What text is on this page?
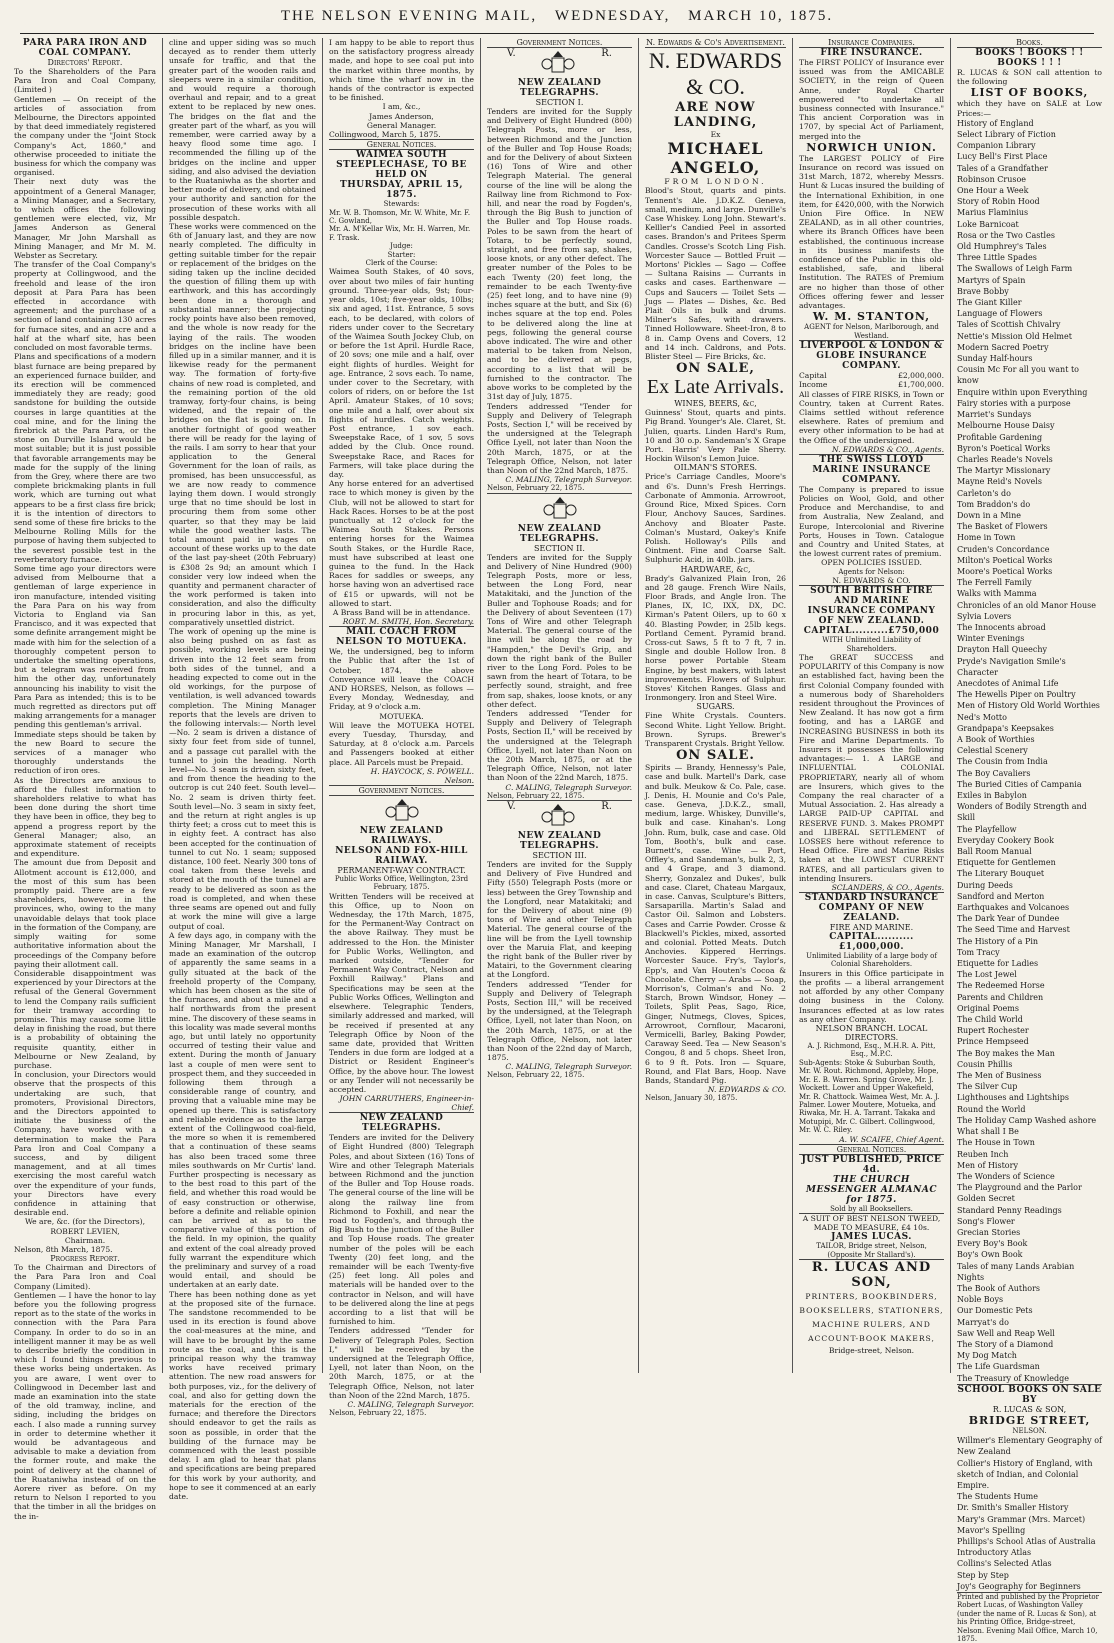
THE NELSON EVENING MAIL, WEDNESDAY, MARCH 10, 1875.
PARA PARA IRON AND COAL COMPANY.
Directors' Report.

To the Shareholders of the Para Para Iron and Coal Company, (Limited )

Gentlemen — On receipt of the articles of association from Melbourne, the Directors appointed by that deed immediately registered the company under the "Joint Stock Company's Act, 1860," and otherwise proceeded to initiate the business for which the company was organised.

Their next duty was the appointment of a General Manager, a Mining Manager, and a Secretary, to which offices the following gentlemen were elected, viz, Mr James Anderson as General Manager, Mr John Marshall as Mining Manager, and Mr M. M. Webster as Secretary.

The transfer of the Coal Company's property at Collingwood, and the freehold and lease of the iron deposit at Para Para has been effected in accordance with agreement; and the purchase of a section of land containing 130 acres for furnace sites, and an acre and a half at the wharf site, has been concluded on most favorable terms.

Plans and specifications of a modern blast furnace are being prepared by an experienced furnace builder, and its erection will be commenced immediately they are ready; good sandstone for building the outside courses in large quantities at the coal mine, and for the lining the firebrick at the Para Para, or the stone on Durville Island would be most suitable; but it is just possible that favorable arrangements may be made for the supply of the lining from the Grey, where there are two complete brickmaking plants in full work, which are turning out what appears to be a first class fire brick; it is the intention of directors to send some of these fire bricks to the Melbourne Rolling Mills for the purpose of having them subjected to the severest possible test in the reverberatory furnace.

Some time ago your directors were advised from Melbourne that a gentleman of large experience in iron manufacture, intended visiting the Para Para on his way from Victoria to England via San Francisco, and it was expected that some definite arrangement might be made with him for the selection of a thoroughly competent person to undertake the smelting operations, but a telegram was received from him the other day, unfortunately announcing his inability to visit the Para Para as intended; this is to be much regretted as directors put off making arrangements for a manager pending this gentleman's arrival.

Immediate steps should be taken by the new Board to secure the services of a manager who thoroughly understands the reduction of iron ores.

As the Directors are anxious to afford the fullest information to shareholders relative to what has been done during the short time they have been in office, they beg to append a progress report by the General Manager; also, an approximate statement of receipts and expenditure.

The amount due from Deposit and Allotment account is £12,000, and the most of this sum has been promptly paid. There are a few shareholders, however, in the provinces, who, owing to the many unavoidable delays that took place in the formation of the Company, are simply waiting for some authoritative information about the proceedings of the Company before paying their allotment call.

Considerable disappointment was experienced by your Directors at the refusal of the General Government to lend the Company rails sufficient for their tramway according to promise. This may cause some little delay in finishing the road, but there is a probability of obtaining the requisite quantity, either in Melbourne or New Zealand, by purchase.

In conclusion, your Directors would observe that the prospects of this undertaking are such, that promoters, Provisional Directors, and the Directors appointed to initiate the business of the Company, have worked with a determination to make the Para Para Iron and Coal Company a success, and by diligent management, and at all times exercising the most careful watch over the expenditure of your funds, your Directors have every confidence in attaining that desirable end.

We are, &c. (for the Directors),

ROBERT LEVIEN,

Chairman.

Nelson, 8th March, 1875.

Progress Report.

To the Chairman and Directors of the Para Para Iron and Coal Company (Limited).

Gentlemen — I have the honor to lay before you the following progress report as to the state of the works in connection with the Para Para Company. In order to do so in an intelligent manner it may be as well to describe briefly the condition in which I found things previous to these works being undertaken. As you are aware, I went over to Collingwood in December last and made an examination into the state of the old tramway, incline, and siding, including the bridges on each. I also made a running survey in order to determine whether it would be advantageous and advisable to make a deviation from the former route, and make the point of delivery at the channel of the Ruataniwha instead of on the Aorere river as before. On my return to Nelson I reported to you that the timber in all the bridges on the in-

cline and upper siding was so much decayed as to render them utterly unsafe for traffic, and that the greater part of the wooden rails and sleepers were in a similar condition, and would require a thorough overhaul and repair, and to a great extent to be replaced by new ones. The bridges on the flat and the greater part of the wharf, as you will remember, were carried away by a heavy flood some time ago. I recommended the filling up of the bridges on the incline and upper siding, and also advised the deviation to the Ruataniwha as the shorter and better mode of delivery, and obtained your authority and sanction for the prosecution of these works with all possible despatch.

These works were commenced on the 6th of January last, and they are now nearly completed. The difficulty in getting suitable timber for the repair or replacement of the bridges on the siding taken up the incline decided the question of filling them up with earthwork, and this has accordingly been done in a thorough and substantial manner; the projecting rocky points have also been removed, and the whole is now ready for the laying of the rails. The wooden bridges on the incline have been filled up in a similar manner, and it is likewise ready for the permanent way. The formation of forty-five chains of new road is completed, and the remaining portion of the old tramway, forty-four chains, is being widened, and the repair of the bridges on the flat is going on. In another fortnight of good weather there will be ready for the laying of the rails. I am sorry to hear that your application to the General Government for the loan of rails, as promised, has been unsuccessful, as we are now ready to commence laying them down. I would strongly urge that no time should be lost in procuring them from some other quarter, so that they may be laid while the good weather lasts. The total amount paid in wages on account of these works up to the date of the last pay-sheet (20th February) is £308 2s 9d; an amount which I consider very low indeed when the quantity and permanent character of the work performed is taken into consideration, and also the difficulty in procuring labor in this, as yet, comparatively unsettled district.

The work of opening up the mine is also being pushed on as fast as possible, working levels are being driven into the 12 feet seam from both sides of the tunnel, and a heading expected to come out in the old workings, for the purpose of ventilation, is well advanced towards completion. The Mining Manager reports that the levels are driven to the following intervals:— North level—No. 2 seam is driven a distance of sixty four feet from side of tunnel, and a passage cut parallel with the tunnel to join the heading. North level—No. 3 seam is driven sixty feet, and from thence the heading to the outcrop is cut 240 feet. South level—No. 2 seam is driven thirty feet. South level—No. 3 seam in sixty feet, and the return at right angles is up thirty feet; a cross cut to meet this is in eighty feet. A contract has also been accepted for the continuation of tunnel to cut No. 1 seam; supposed distance, 100 feet. Nearly 300 tons of coal taken from these levels and stored at the mouth of the tunnel are ready to be delivered as soon as the road is completed, and when these three seams are opened out and fully at work the mine will give a large output of coal.

A few days ago, in company with the Mining Manager, Mr Marshall, I made an examination of the outcrop of apparently the same seams in a gully situated at the back of the freehold property of the Company, which has been chosen as the site of the furnaces, and about a mile and a half northwards from the present mine. The discovery of these seams in this locality was made several months ago, but until lately no opportunity occurred of testing their value and extent. During the month of January last a couple of men were sent to prospect them, and they succeeded in following them through a considerable range of country, and proving that a valuable mine may be opened up there. This is satisfactory and reliable evidence as to the large extent of the Collingwood coal-field, the more so when it is remembered that a continuation of these seams has also been traced some three miles southwards on Mr Curtis' land. Further prospecting is necessary as to the best road to this part of the field, and whether this road would be of easy construction or otherwise, before a definite and reliable opinion can be arrived at as to the comparative value of this portion of the field. In my opinion, the quality and extent of the coal already proved fully warrant the expenditure which the preliminary and survey of a road would entail, and should be undertaken at an early date.

There has been nothing done as yet at the proposed site of the furnace. The sandstone recommended to be used in its erection is found above the coal-measures at the mine, and will have to be brought by the same route as the coal, and this is the principal reason why the tramway works have received primary attention. The new road answers for both purposes, viz., for the delivery of coal, and also for getting down the materials for the erection of the furnace; and therefore the Directors should endeavor to get the rails as soon as possible, in order that the building of the furnace may be commenced with the least possible delay. I am glad to hear that plans and specifications are being prepared for this work by your authority, and hope to see it commenced at an early date.

I am happy to be able to report thus on the satisfactory progress already made, and hope to see coal put into the market within three months, by which time the wharf now in the hands of the contractor is expected to be finished.

I am, &c.,

James Anderson,

General Manager.

Collingwood, March 5, 1875.

General Notices.
WAIMEA SOUTH STEEPLECHASE, TO BE HELD ON
THURSDAY, APRIL 15, 1875.

Stewards:

Mr. W. B. Thomson, Mr. W. White, Mr. F. C. Gowland,

Mr. A. M'Kellar Wix, Mr. H. Warren, Mr. F. Trask.

Judge:

Starter:

Clerk of the Course:

Waimea South Stakes, of 40 sovs, over about two miles of fair hunting ground. Three-year olds, 9st; four-year olds, 10st; five-year olds, 10lbs; six and aged, 11st. Entrance, 5 sovs each, to be declared, with colors of riders under cover to the Secretary of the Waimea South Jockey Club, on or before the 1st April. Hurdle Race, of 20 sovs; one mile and a half, over eight flights of hurdles. Weight for age. Entrance, 2 sovs each. To name, under cover to the Secretary, with colors of riders, on or before the 1st April. Amateur Stakes, of 10 sovs; one mile and a half, over about six flights of hurdles. Catch weights. Post entrance, 1 sov each. Sweepstake Race, of 1 sov, 5 sovs added by the Club. Once round. Sweepstake Race, and Races for Farmers, will take place during the day.

Any horse entered for an advertised race to which money is given by the Club, will not be allowed to start for Hack Races. Horses to be at the post punctually at 12 o'clock for the Waimea South Stakes. Persons entering horses for the Waimea South Stakes, or the Hurdle Race, must have subscribed at least one guinea to the fund. In the Hack Races for saddles or sweeps, any horse having won an advertised race of £15 or upwards, will not be allowed to start.

A Brass Band will be in attendance.

ROBT. M. SMITH, Hon. Secretary.

MAIL COACH FROM NELSON TO MOTUEKA.

We, the undersigned, beg to inform the Public that after the 1st of October, 1874, the above Conveyance will leave the COACH AND HORSES, Nelson, as follows —Every Monday, Wednesday, and Friday, at 9 o'clock a.m.

MOTUEKA.

Will leave the MOTUEKA HOTEL every Tuesday, Thursday, and Saturday, at 8 o'clock a.m. Parcels and Passengers booked at either place. All Parcels must be Prepaid.

H. HAYCOCK, S. POWELL.

Nelson.

Government Notices.
NEW ZEALAND RAILWAYS.
NELSON AND FOX-HILL RAILWAY.
PERMANENT-WAY CONTRACT.

Public Works Office, Wellington, 23rd February, 1875.

Written Tenders will be received at this Office, up to Noon on Wednesday, the 17th March, 1875, for the Permanent-Way Contract on the above Railway. They must be addressed to the Hon. the Minister for Public Works, Wellington, and marked outside, "Tender for Permanent Way Contract, Nelson and Foxhill Railway." Plans and Specifications may be seen at the Public Works Offices, Wellington and elsewhere. Telegraphic Tenders, similarly addressed and marked, will be received if presented at any Telegraph Office by Noon of the same date, provided that Written Tenders in due form are lodged at a District or Resident Engineer's Office, by the above hour. The lowest or any Tender will not necessarily be accepted.

JOHN CARRUTHERS, Engineer-in-Chief.

NEW ZEALAND TELEGRAPHS.

Tenders are invited for the Delivery of Eight Hundred (800) Telegraph Poles, and about Sixteen (16) Tons of Wire and other Telegraph Materials between Richmond and the junction of the Buller and Top House roads. The general course of the line will be along the railway line from Richmond to Foxhill, and near the road to Fogden's, and through the Big Bush to the junction of the Buller and Top House roads. The greater number of the poles will be each Twenty (20) feet long, and the remainder will be each Twenty-five (25) feet long. All poles and materials will be handed over to the contractor in Nelson, and will have to be delivered along the line at pegs according to a list that will be furnished to him.

Tenders addressed "Tender for Delivery of Telegraph Poles, Section I," will be received by the undersigned at the Telegraph Office, Lyell, not later than Noon, on the 20th March, 1875, or at the Telegraph Office, Nelson, not later than Noon of the 22nd March, 1875.

C. MALING, Telegraph Surveyor.

Nelson, February 22, 1875.

Government Notices.
V.	R.
NEW ZEALAND TELEGRAPHS.
SECTION I.

Tenders are invited for the Supply and Delivery of Eight Hundred (800) Telegraph Posts, more or less, between Richmond and the Junction of the Buller and Top House Roads; and for the Delivery of about Sixteen (16) Tons of Wire and other Telegraph Material. The general course of the line will be along the Railway line from Richmond to Fox-hill, and near the road by Fogden's, through the Big Bush to junction of the Buller and Top House roads. Poles to be sawn from the heart of Totara, to be perfectly sound, straight, and free from sap, shakes, loose knots, or any other defect. The greater number of the Poles to be each Twenty (20) feet long, the remainder to be each Twenty-five (25) feet long, and to have nine (9) inches square at the butt, and Six (6) inches square at the top end. Poles to be delivered along the line at pegs, following the general course above indicated. The wire and other material to be taken from Nelson, and to be delivered at pegs, according to a list that will be furnished to the contractor. The above works to be completed by the 31st day of July, 1875.

Tenders addressed "Tender for Supply and Delivery of Telegraph Posts, Section I," will be received by the undersigned at the Telegraph Office Lyell, not later than Noon the 20th March, 1875, or at the Telegraph Office, Nelson, not later than Noon of the 22nd March, 1875.

C. MALING, Telegraph Surveyor.

Nelson, February 22, 1875.

NEW ZEALAND TELEGRAPHS.
SECTION II.

Tenders are invited for the Supply and Delivery of Nine Hundred (900) Telegraph Posts, more or less, between the Long Ford, near Matakitaki, and the Junction of the Buller and Tophouse Roads; and for the Delivery of about Seventeen (17) Tons of Wire and other Telegraph Material. The general course of the line will be along the road by "Hampden," the Devil's Grip, and down the right bank of the Buller river to the Long Ford. Poles to be sawn from the heart of Totara, to be perfectly sound, straight, and free from sap, shakes, loose knots, or any other defect.

Tenders addressed "Tender for Supply and Delivery of Telegraph Posts, Section II," will be received by the undersigned at the Telegraph Office, Lyell, not later than Noon on the 20th March, 1875, or at the Telegraph Office, Nelson, not later than Noon of the 22nd March, 1875.

C. MALING, Telegraph Surveyor.

Nelson, February 22, 1875.

V.	R.
NEW ZEALAND TELEGRAPHS.
SECTION III.

Tenders are invited for the Supply and Delivery of Five Hundred and Fifty (550) Telegraph Posts (more or less) between the Grey Township and the Longford, near Matakitaki; and for the Delivery of about nine (9) tons of Wire and other Telegraph Material. The general course of the line will be from the Lyell township over the Maruia Flat, and keeping the right bank of the Buller river by Matairi, to the Government clearing at the Longford.

Tenders addressed "Tender for Supply and Delivery of Telegraph Posts, Section III," will be received by the undersigned, at the Telegraph Office, Lyell, not later than Noon, on the 20th March, 1875, or at the Telegraph Office, Nelson, not later than Noon of the 22nd day of March, 1875.

C. MALING, Telegraph Surveyor.

Nelson, February 22, 1875.

N. Edwards & Co's Advertisement.
N. EDWARDS & CO.
ARE NOW LANDING,
Ex
MICHAEL ANGELO,
FROM LONDON.

Blood's Stout, quarts and pints. Tennent's Ale. J.D.K.Z. Geneva, small, medium, and large. Dunville's Case Whiskey. Long John. Stewart's. Kelller's Candied Peel in assorted cases. Brandon's and Pritees Sperm Candles. Crosse's Scotch Ling Fish. Worcester Sauce — Bottled Fruit — Mortons' Pickles — Sago — Coffee — Sultana Raisins — Currants in casks and cases. Earthenware — Cups and Saucers — Toilet Sets — Jugs — Plates — Dishes, &c. Bed Plait Oils in bulk and drums. Milner's Safes, with drawers. Tinned Hollowware. Sheet-Iron, 8 to 8 in. Camp Ovens and Covers, 12 and 14 inch. Caldrons, and Pots. Blister Steel — Fire Bricks, &c.

ON SALE,
Ex Late Arrivals.
WINES, BEERS, &c,

Guinness' Stout, quarts and pints. Pig Brand. Younger's Ale. Claret, St. Julien, quarts. Linden Hard's Rum, 10 and 30 o.p. Sandeman's X Grape Port. Harris' Very Pale Sherry. Hockin Wilson's Lemon Juice.

OILMAN'S STORES.

Price's Carriage Candles, Moore's and 6's. Dunn's Fresh Herrings. Carbonate of Ammonia. Arrowroot, Ground Rice, Mixed Spices. Corn Flour, Anchovy Sauces, Sardines. Anchovy and Bloater Paste. Colman's Mustard, Oakey's Knife Polish. Holloway's Pills and Ointment. Fine and Coarse Salt. Sulphuric Acid, in 40lb. jars.

HARDWARE, &c,

Brady's Galvanized Plain Iron, 26 and 28 gauge. French Wire Nails, Floor Brads, and Angle Iron. The Planes, IX, IC, IXX, DX, DC. Kirman's Patent Oilers, up to 60 x 40. Blasting Powder, in 25lb kegs. Portland Cement. Pyramid brand. Cross-cut Saws, 5 ft to 7 ft, 7 in. Single and double Hollow Iron. 8 horse power Portable Steam Engine, by best makers, with latest improvements. Flowers of Sulphur. Stoves' Kitchen Ranges. Glass and Ironmongery. Iron and Steel Wire.

SUGARS.

Fine White Crystals. Counters. Second White. Light Yellow. Bright. Brown. Syrups. Brewer's Transparent Crystals. Bright Yellow.

ON SALE.

Spirits — Brandy, Hennessy's Pale, case and bulk. Martell's Dark, case and bulk. Meukow & Co. Pale, case. J. Denis, H. Mounie and Co's Pale, case. Geneva, J.D.K.Z., small, medium, large. Whiskey, Dunville's, bulk and case. Kinahan's. Long John. Rum, bulk, case and case. Old Tom, Booth's, bulk and case. Burnett's, case. Wine — Port, Offley's, and Sandeman's, bulk 2, 3, and 4 Grape, and 3 diamond. Sherry, Gonzalez and Dukes', bulk and case. Claret, Chateau Margaux, in case. Canvas, Sculpture's Bitters, Sarsaparilla. Martin's Salad and Castor Oil. Salmon and Lobsters. Cases and Carrie Powder. Crosse & Blackwell's Pickles, mixed, assorted and colonial. Potted Meats. Dutch Anchovies. Kippered Herrings. Worcester Sauce. Fry's, Taylor's, Epp's, and Van Houten's Cocoa & Chocolate. Cherry — Arabs — Soap, Morrison's, Colman's and No. 2 Starch, Brown Windsor, Honey — Toilets, Split Peas, Sago, Rice, Ginger, Nutmegs, Cloves, Spices, Arrowroot, Cornflour, Macaroni, Vermicelli, Barley, Baking Powder, Caraway Seed. Tea — New Season's Congou, 8 and 5 chops. Sheet Iron, 6 to 9 ft. Pots. Iron — Square, Round, and Flat Bars, Hoop. Nave Bands, Standard Pig.

N. EDWARDS & CO.

Nelson, January 30, 1875.

Insurance Companies.
FIRE INSURANCE.

The FIRST POLICY of Insurance ever issued was from the AMICABLE SOCIETY, in the reign of Queen Anne, under Royal Charter empowered "to undertake all business connected with Insurance." This ancient Corporation was in 1707, by special Act of Parliament, merged into the

NORWICH UNION.

The LARGEST POLICY of Fire Insurance on record was issued on 31st March, 1872, whereby Messrs. Hunt & Lucas insured the building of the International Exhibition, in one item, for £420,000, with the Norwich Union Fire Office. In NEW ZEALAND, as in all other countries, where its Branch Offices have been established, the continuous increase in its business manifests the confidence of the Public in this old-established, safe, and liberal Institution. The RATES of Premium are no higher than those of other Offices offering fewer and lesser advantages.

W. M. STANTON,

AGENT for Nelson, Marlborough, and Westland.

LIVERPOOL & LONDON & GLOBE INSURANCE COMPANY.
Capital	£2,000,000.
Income	£1,700,000.

All classes of FIRE RISKS, in Town or Country, taken at Current Rates. Claims settled without reference elsewhere. Rates of premium and every other information to be had at the Office of the undersigned.

N. EDWARDS & CO., Agents.

THE SWISS LLOYD MARINE INSURANCE COMPANY.

The Company is prepared to issue Policies on Wool, Gold, and other Produce and Merchandise, to and from Australia, New Zealand, and Europe, Intercolonial and Riverine Ports, Houses in Town. Catalogue and Country and United States, at the lowest current rates of premium.

OPEN POLICIES ISSUED.

Agents for Nelson:

N. EDWARDS & CO.

SOUTH BRITISH FIRE AND MARINE INSURANCE COMPANY OF NEW ZEALAND.
CAPITAL..........£750,000

WITH Unlimited Liability of Shareholders.

The GREAT SUCCESS and POPULARITY of this Company is now an established fact, having been the first Colonial Company founded with a numerous body of Shareholders resident throughout the Provinces of New Zealand. It has now got a firm footing, and has a LARGE and INCREASING BUSINESS in both its Fire and Marine Departments. To Insurers it possesses the following advantages:— 1. A LARGE and INFLUENTIAL COLONIAL PROPRIETARY, nearly all of whom are Insurers, which gives to the Company the real character of a Mutual Association. 2. Has already a LARGE PAID-UP CAPITAL and RESERVE FUND. 3. Makes PROMPT and LIBERAL SETTLEMENT of LOSSES here without reference to Head Office. Fire and Marine Risks taken at the LOWEST CURRENT RATES, and all particulars given to intending Insurers.

SCLANDERS, & CO., Agents.

STANDARD INSURANCE COMPANY OF NEW ZEALAND.
FIRE AND MARINE.
CAPITAL..........£1,000,000.

Unlimited Liability of a large body of Colonial Shareholders.

Insurers in this Office participate in the profits — a liberal arrangement not afforded by any other Company doing business in the Colony. Insurances effected at as low rates as any other Company.

NELSON BRANCH. LOCAL DIRECTORS.

A. J. Richmond, Esq., M.H.R. A. Pitt, Esq., M.P.C.

Sub-Agents: Stoke & Suburban South, Mr. W. Rout. Richmond, Appleby, Hope, Mr. E. B. Warren. Spring Grove, Mr. J. Wockett. Lower and Upper Wakefield, Mr. R. Chattock. Waimea West, Mr. A. J. Palmer. Lower Moutere, Motueka, and Riwaka, Mr. H. A. Tarrant. Takaka and Motupipi, Mr. C. Gilbert. Collingwood, Mr. W. C. Riley.

A. W. SCAIFE, Chief Agent.

General Notices.
JUST PUBLISHED, PRICE 4d.
THE CHURCH MESSENGER ALMANAC for 1875.

Sold by all Booksellers.

A SUIT OF BEST NELSON TWEED, MADE TO MEASURE, £4 10s.

JAMES LUCAS.

TAILOR, Bridge street, Nelson, (Opposite Mr Stallard's).

R. LUCAS AND SON,

PRINTERS, BOOKBINDERS, BOOKSELLERS, STATIONERS, MACHINE RULERS, AND ACCOUNT-BOOK MAKERS,

Bridge-street, Nelson.

Books.
BOOKS ! BOOKS ! ! BOOKS ! ! !

R. LUCAS & SON call attention to the following

LIST OF BOOKS,

which they have on SALE at Low Prices:—

History of England
Select Library of Fiction
Companion Library
Lucy Bell's First Place
Tales of a Grandfather
Robinson Crusoe
One Hour a Week
Story of Robin Hood
Marius Flaminius
Loke Barnicoat
Rosa or the Two Castles
Old Humphrey's Tales
Three Little Spades
The Swallows of Leigh Farm
Martyrs of Spain
Brave Bobby
The Giant Killer
Language of Flowers
Tales of Scottish Chivalry
Nettie's Mission Old Helmet
Modern Sacred Poetry
Sunday Half-hours
Cousin Mc For all you want to know
Enquire within upon Everything
Fairy stories with a purpose
Marriet's Sundays
Melbourne House Daisy
Profitable Gardening
Byron's Poetical Works
Charles Reade's Novels
The Martyr Missionary
Mayne Reid's Novels
Carleton's do
Tom Braddon's do
Down in a Mine
The Basket of Flowers
Home in Town
Cruden's Concordance
Milton's Poetical Works
Moore's Poetical Works
The Ferrell Family
Walks with Mamma
Chronicles of an old Manor House
Sylvia Lovers
The Innocents abroad
Winter Evenings
Drayton Hall Queechy
Pryde's Navigation Smile's Character
Anecdotes of Animal Life
The Hewells Piper on Poultry
Men of History Old World Worthies
Ned's Motto
Grandpapa's Keepsakes
A Book of Worthies
Celestial Scenery
The Cousin from India
The Boy Cavaliers
The Buried Cities of Campania
Exiles in Babylon
Wonders of Bodily Strength and Skill
The Playfellow
Everyday Cookery Book
Ball Room Manual
Etiquette for Gentlemen
The Literary Bouquet
During Deeds
Sandford and Merton
Earthquakes and Volcanoes
The Dark Year of Dundee
The Seed Time and Harvest
The History of a Pin
Tom Tracy
Etiquette for Ladies
The Lost Jewel
The Redeemed Horse
Parents and Children
Original Poems
The Child World
Rupert Rochester
Prince Hempseed
The Boy makes the Man
Cousin Phillis
The Men of Business
The Silver Cup
Lighthouses and Lightships
Round the World
The Holiday Camp Washed ashore
What shall I Be
The House in Town
Reuben Inch
Men of History
The Wonders of Science
The Playground and the Parlor
Golden Secret
Standard Penny Readings
Song's Flower
Grecian Stories
Every Boy's Book
Boy's Own Book
Tales of many Lands Arabian Nights
The Book of Authors
Noble Boys
Our Domestic Pets
Marryat's do
Saw Well and Reap Well
The Story of a Diamond
My Dog Match
The Life Guardsman
The Treasury of Knowledge
SCHOOL BOOKS ON SALE BY
R. LUCAS & SON,
BRIDGE STREET,
NELSON.
Willmer's Elementary Geography of New Zealand
Collier's History of England, with sketch of Indian, and Colonial Empire.
The Students Hume
Dr. Smith's Smaller History
Mary's Grammar (Mrs. Marcet)
Mavor's Spelling
Phillips's School Atlas of Australia
Introductory Atlas
Collins's Selected Atlas
Step by Step
Joy's Geography for Beginners

Printed and published by the Proprietor Robert Lucas, of Washington Valley (under the name of R. Lucas & Son), at his Printing Office, Bridge-street, Nelson. Evening Mail Office, March 10, 1875.
